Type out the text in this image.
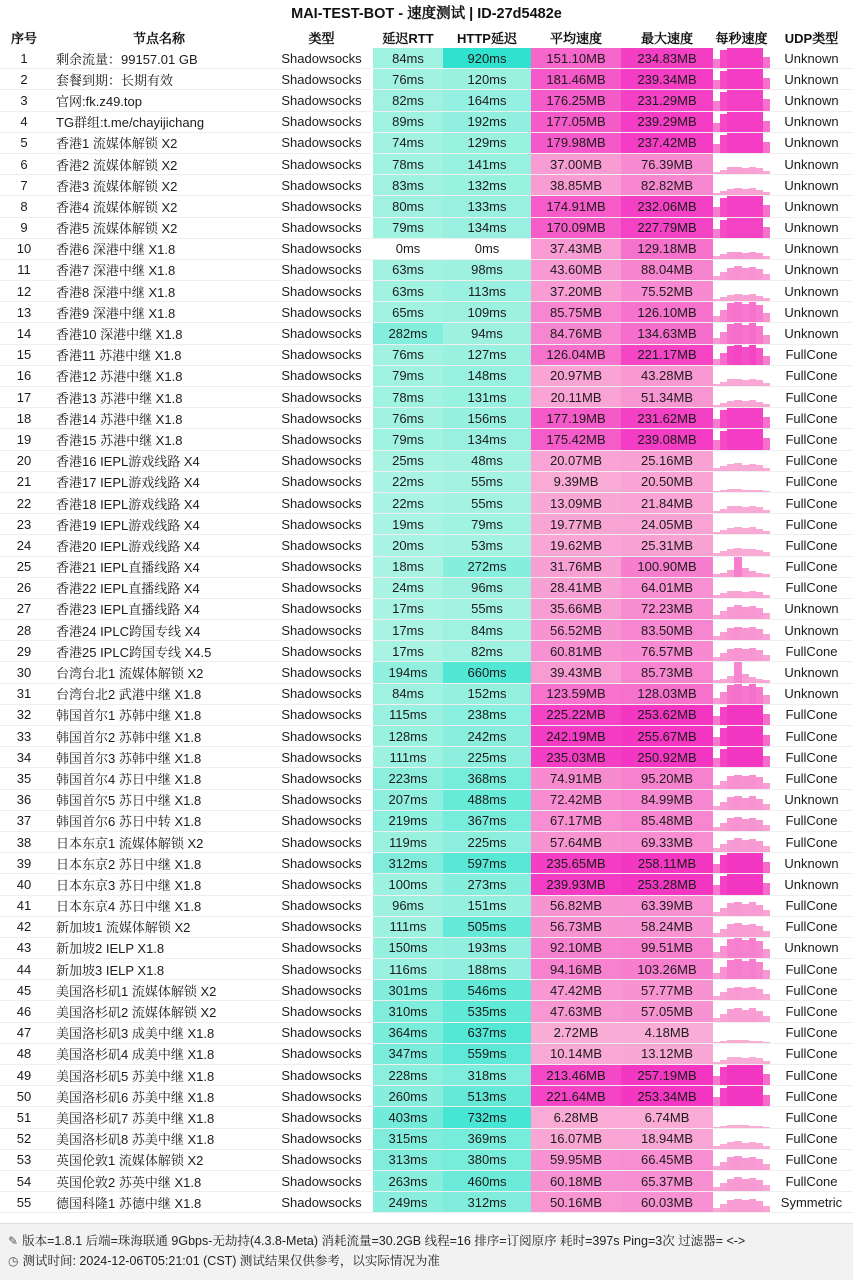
MAI-TEST-BOT - 速度测试 | ID-27d5482e
序号	节点名称	类型	延迟RTT	HTTP延迟	平均速度	最大速度	每秒速度	UDP类型
1	剩余流量：99157.01 GB	Shadowsocks	84ms	920ms	151.10MB	234.83MB	Unknown
2	套餐到期：长期有效	Shadowsocks	76ms	120ms	181.46MB	239.34MB	Unknown
3	官网:fk.z49.top	Shadowsocks	82ms	164ms	176.25MB	231.29MB	Unknown
4	TG群组:t.me/chayijichang	Shadowsocks	89ms	192ms	177.05MB	239.29MB	Unknown
5	香港1 流媒体解锁 X2	Shadowsocks	74ms	129ms	179.98MB	237.42MB	Unknown
6	香港2 流媒体解锁 X2	Shadowsocks	78ms	141ms	37.00MB	76.39MB	Unknown
7	香港3 流媒体解锁 X2	Shadowsocks	83ms	132ms	38.85MB	82.82MB	Unknown
8	香港4 流媒体解锁 X2	Shadowsocks	80ms	133ms	174.91MB	232.06MB	Unknown
9	香港5 流媒体解锁 X2	Shadowsocks	79ms	134ms	170.09MB	227.79MB	Unknown
10	香港6 深港中继 X1.8	Shadowsocks	0ms	0ms	37.43MB	129.18MB	Unknown
11	香港7 深港中继 X1.8	Shadowsocks	63ms	98ms	43.60MB	88.04MB	Unknown
12	香港8 深港中继 X1.8	Shadowsocks	63ms	113ms	37.20MB	75.52MB	Unknown
13	香港9 深港中继 X1.8	Shadowsocks	65ms	109ms	85.75MB	126.10MB	Unknown
14	香港10 深港中继 X1.8	Shadowsocks	282ms	94ms	84.76MB	134.63MB	Unknown
15	香港11 苏港中继 X1.8	Shadowsocks	76ms	127ms	126.04MB	221.17MB	FullCone
16	香港12 苏港中继 X1.8	Shadowsocks	79ms	148ms	20.97MB	43.28MB	FullCone
17	香港13 苏港中继 X1.8	Shadowsocks	78ms	131ms	20.11MB	51.34MB	FullCone
18	香港14 苏港中继 X1.8	Shadowsocks	76ms	156ms	177.19MB	231.62MB	FullCone
19	香港15 苏港中继 X1.8	Shadowsocks	79ms	134ms	175.42MB	239.08MB	FullCone
20	香港16 IEPL游戏线路 X4	Shadowsocks	25ms	48ms	20.07MB	25.16MB	FullCone
21	香港17 IEPL游戏线路 X4	Shadowsocks	22ms	55ms	9.39MB	20.50MB	FullCone
22	香港18 IEPL游戏线路 X4	Shadowsocks	22ms	55ms	13.09MB	21.84MB	FullCone
23	香港19 IEPL游戏线路 X4	Shadowsocks	19ms	79ms	19.77MB	24.05MB	FullCone
24	香港20 IEPL游戏线路 X4	Shadowsocks	20ms	53ms	19.62MB	25.31MB	FullCone
25	香港21 IEPL直播线路 X4	Shadowsocks	18ms	272ms	31.76MB	100.90MB	FullCone
26	香港22 IEPL直播线路 X4	Shadowsocks	24ms	96ms	28.41MB	64.01MB	FullCone
27	香港23 IEPL直播线路 X4	Shadowsocks	17ms	55ms	35.66MB	72.23MB	Unknown
28	香港24 IPLC跨国专线 X4	Shadowsocks	17ms	84ms	56.52MB	83.50MB	Unknown
29	香港25 IPLC跨国专线 X4.5	Shadowsocks	17ms	82ms	60.81MB	76.57MB	FullCone
30	台湾台北1 流媒体解锁 X2	Shadowsocks	194ms	660ms	39.43MB	85.73MB	Unknown
31	台湾台北2 武港中继 X1.8	Shadowsocks	84ms	152ms	123.59MB	128.03MB	Unknown
32	韩国首尔1 苏韩中继 X1.8	Shadowsocks	115ms	238ms	225.22MB	253.62MB	FullCone
33	韩国首尔2 苏韩中继 X1.8	Shadowsocks	128ms	242ms	242.19MB	255.67MB	FullCone
34	韩国首尔3 苏韩中继 X1.8	Shadowsocks	111ms	225ms	235.03MB	250.92MB	FullCone
35	韩国首尔4 苏日中继 X1.8	Shadowsocks	223ms	368ms	74.91MB	95.20MB	FullCone
36	韩国首尔5 苏日中继 X1.8	Shadowsocks	207ms	488ms	72.42MB	84.99MB	Unknown
37	韩国首尔6 苏日中转 X1.8	Shadowsocks	219ms	367ms	67.17MB	85.48MB	FullCone
38	日本东京1 流媒体解锁 X2	Shadowsocks	119ms	225ms	57.64MB	69.33MB	FullCone
39	日本东京2 苏日中继 X1.8	Shadowsocks	312ms	597ms	235.65MB	258.11MB	Unknown
40	日本东京3 苏日中继 X1.8	Shadowsocks	100ms	273ms	239.93MB	253.28MB	Unknown
41	日本东京4 苏日中继 X1.8	Shadowsocks	96ms	151ms	56.82MB	63.39MB	FullCone
42	新加坡1 流媒体解锁 X2	Shadowsocks	111ms	505ms	56.73MB	58.24MB	FullCone
43	新加坡2 IELP X1.8	Shadowsocks	150ms	193ms	92.10MB	99.51MB	Unknown
44	新加坡3 IELP X1.8	Shadowsocks	116ms	188ms	94.16MB	103.26MB	FullCone
45	美国洛杉矶1 流媒体解锁 X2	Shadowsocks	301ms	546ms	47.42MB	57.77MB	FullCone
46	美国洛杉矶2 流媒体解锁 X2	Shadowsocks	310ms	535ms	47.63MB	57.05MB	FullCone
47	美国洛杉矶3 成美中继 X1.8	Shadowsocks	364ms	637ms	2.72MB	4.18MB	FullCone
48	美国洛杉矶4 成美中继 X1.8	Shadowsocks	347ms	559ms	10.14MB	13.12MB	FullCone
49	美国洛杉矶5 苏美中继 X1.8	Shadowsocks	228ms	318ms	213.46MB	257.19MB	FullCone
50	美国洛杉矶6 苏美中继 X1.8	Shadowsocks	260ms	513ms	221.64MB	253.34MB	FullCone
51	美国洛杉矶7 苏美中继 X1.8	Shadowsocks	403ms	732ms	6.28MB	6.74MB	FullCone
52	美国洛杉矶8 苏美中继 X1.8	Shadowsocks	315ms	369ms	16.07MB	18.94MB	FullCone
53	英国伦敦1 流媒体解锁 X2	Shadowsocks	313ms	380ms	59.95MB	66.45MB	FullCone
54	英国伦敦2 苏英中继 X1.8	Shadowsocks	263ms	460ms	60.18MB	65.37MB	FullCone
55	德国科隆1 苏德中继 X1.8	Shadowsocks	249ms	312ms	50.16MB	60.03MB	Symmetric
✎ 版本=1.8.1 后端=珠海联通 9Gbps-无劫持(4.3.8-Meta) 消耗流量=30.2GB 线程=16 排序=订阅原序 耗时=397s Ping=3次 过滤器= <->
◷ 测试时间: 2024-12-06T05:21:01 (CST) 测试结果仅供参考，以实际情况为准
